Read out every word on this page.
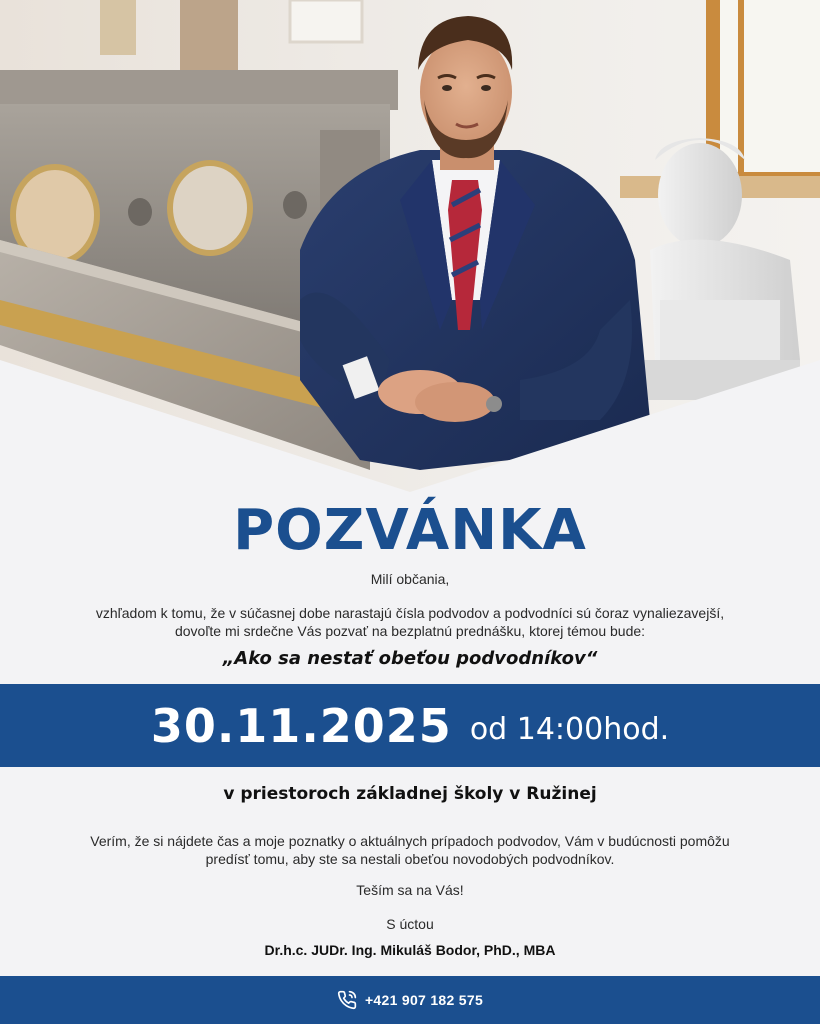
POZVÁNKA
Milí občania,
vzhľadom k tomu, že v súčasnej dobe narastajú čísla podvodov a podvodníci sú čoraz vynaliezavejší,
dovoľte mi srdečne Vás pozvať na bezplatnú prednášku, ktorej témou bude:
„Ako sa nestať obeťou podvodníkov“
30.11.2025 od 14:00hod.
v priestoroch základnej školy v Ružinej
Verím, že si nájdete čas a moje poznatky o aktuálnych prípadoch podvodov, Vám v budúcnosti pomôžu
predísť tomu, aby ste sa nestali obeťou novodobých podvodníkov.
Teším sa na Vás!
S úctou
Dr.h.c. JUDr. Ing. Mikuláš Bodor, PhD., MBA
+421 907 182 575
